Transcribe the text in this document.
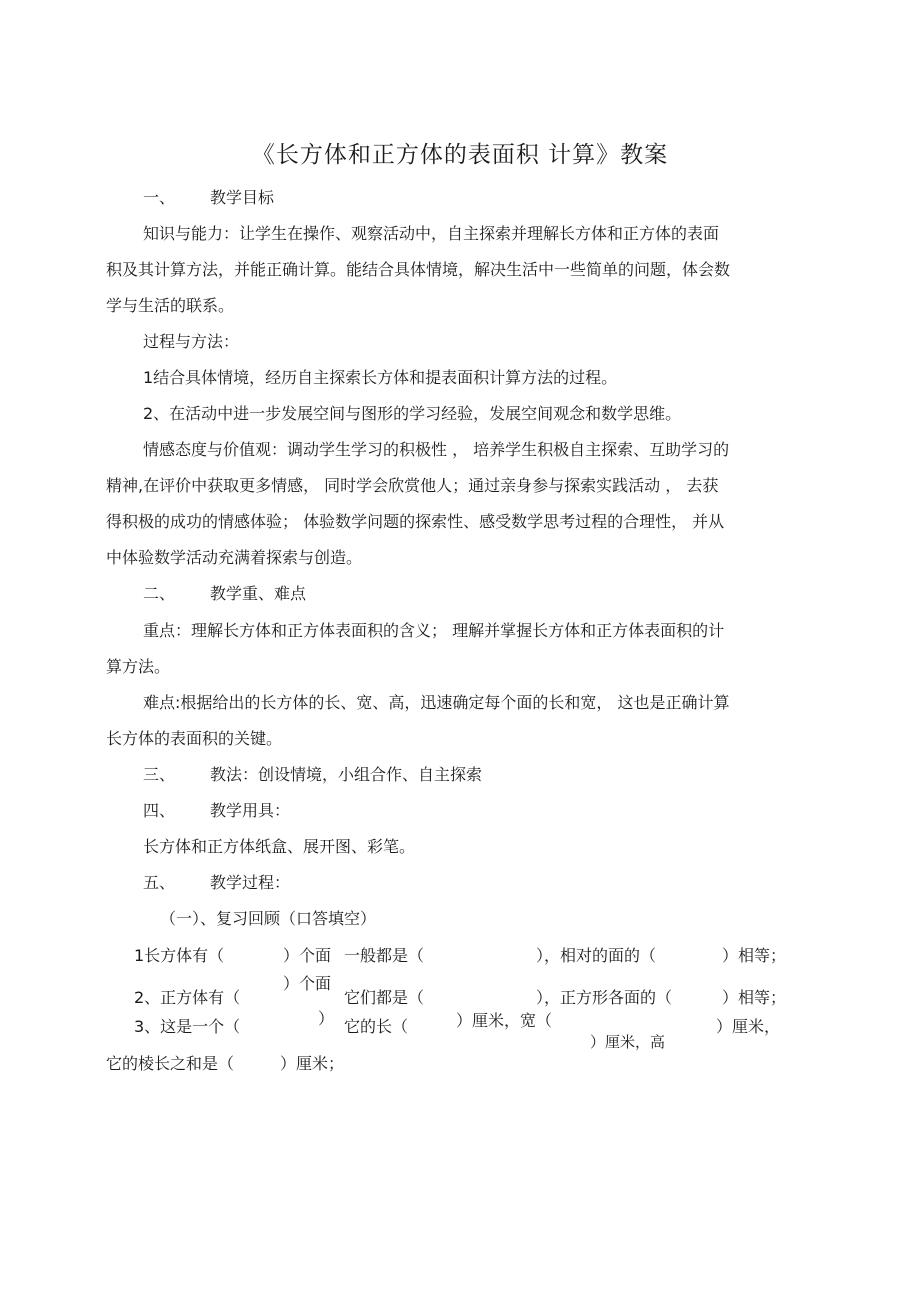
《长方体和正方体的表面积 计算》教案
一、 教学目标
知识与能力：让学生在操作、观察活动中，自主探索并理解长方体和正方体的表面
积及其计算方法，并能正确计算。能结合具体情境，解决生活中一些简单的问题，体会数
学与生活的联系。
过程与方法：
1结合具体情境，经历自主探索长方体和提表面积计算方法的过程。
2、在活动中进一步发展空间与图形的学习经验，发展空间观念和数学思维。
情感态度与价值观：调动学生学习的积极性 ， 培养学生积极自主探索、互助学习的
精神,在评价中获取更多情感， 同时学会欣赏他人；通过亲身参与探索实践活动 ， 去获
得积极的成功的情感体验； 体验数学问题的探索性、感受数学思考过程的合理性， 并从
中体验数学活动充满着探索与创造。
二、 教学重、难点
重点：理解长方体和正方体表面积的含义； 理解并掌握长方体和正方体表面积的计
算方法。
难点:根据给出的长方体的长、宽、高，迅速确定每个面的长和宽， 这也是正确计算
长方体的表面积的关键。
三、 教法：创设情境，小组合作、自主探索
四、 教学用具：
长方体和正方体纸盒、展开图、彩笔。
五、 教学过程：
（一）、复习回顾（口答填空）
1长方体有（	）个面 一般都是（	），相对的面的（	）相等；
2、正方体有（
）个面
它们都是（	），正方形各面的（	）相等；
3、这是一个（	） 它的长（	）厘米，宽（	）厘米，
）厘米，高
它的棱长之和是（	）厘米；
